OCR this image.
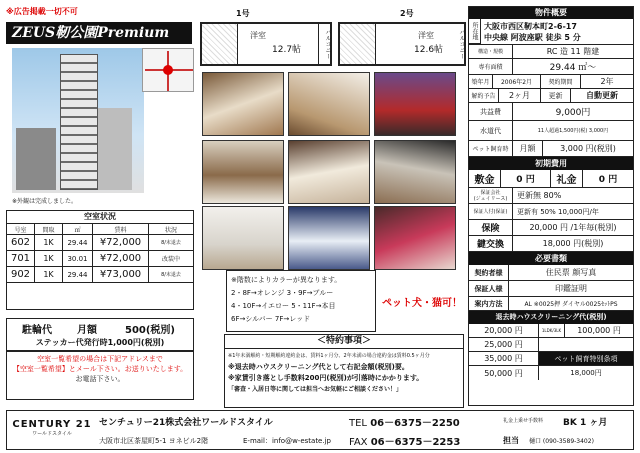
※広告掲載一切不可
ZEUS靭公園Premium
※外観は完成しました。
空室状況
号室	間取	㎡	賃料	状況
602	1K	29.44	¥72,000	8/末退去
701	1K	30.01	¥72,000	改装中
902	1K	29.44	¥73,000	8/末退去
駐輪代	月額	500(税別)
ステッカー代発行時1,000円(税別)
空室一覧希望の場合は下記アドレスまで
【空室一覧希望】とメール下さい。お送りいたします。
お電話下さい。
1号	2号
洋室
12.7帖	バルコニー	洋室
12.6帖	バルコニー
※階数によりカラーが異なります。
2・8F→オレンジ 3・9F→ブルー
4・10F→イエロー 5・11F→本目
6F→シルバー 7F→レッド
ペット犬・猫可！
＜特約事項＞
※1年未満解約・短期解約違約金は、賃料1ヶ月分、2年未満の場合違約金は賃料0.5ヶ月分
※退去時ハウスクリーニング代として右記金額(税別)要。
※家賃引き落とし手数料200円(税別)が引落時にかかります。
「審査・入居日等に関しては担当へお気軽にご相談ください！」
物件概要
所在地 大阪市西区靭本町2-6-17
中央線 阿波座駅 徒歩 5 分
構造・規模	RC 造 11 階建
専有面積	29.44 ㎡～
築年月	2006年2月	契約期間	2年
解約予告	2ヶ月	更新	自動更新
共益費	9,000円
水道代	11人超過1,500円(税) 3,000円
ペット飼育時	月額	3,000 円(税別)
初期費用
敷金	0 円	礼金	0 円
保証会社
(ジェイリース)	更新無 80%
保証人付(保証)	更新有 50% 10,000円/年
保険	20,000 円 /1年毎(税別)
鍵交換	18,000 円(税別)
必要書類
契約者様	住民票 顔写真
保証人様	印鑑証明
案内方法	AL ※0025押 ダイヤル0025ｾｯﾄPS
退去時ハウスクリーニング代(税別)
20,000 円	1LDK/3LK	100,000 円
25,000 円
35,000 円	ペット飼育特別条項
50,000 円	18,000円
CENTURY 21
ワールドスタイル
センチュリー21株式会社ワールドスタイル
大阪市北区茶屋町5-1 ヨネビル2階	E-mail：info@w-estate.jp
TEL 06－6375－2250
FAX 06－6375－2253
礼金上乗せ手数料 BK 1 ヶ月
担当 樋口 (090-3589-3402)
